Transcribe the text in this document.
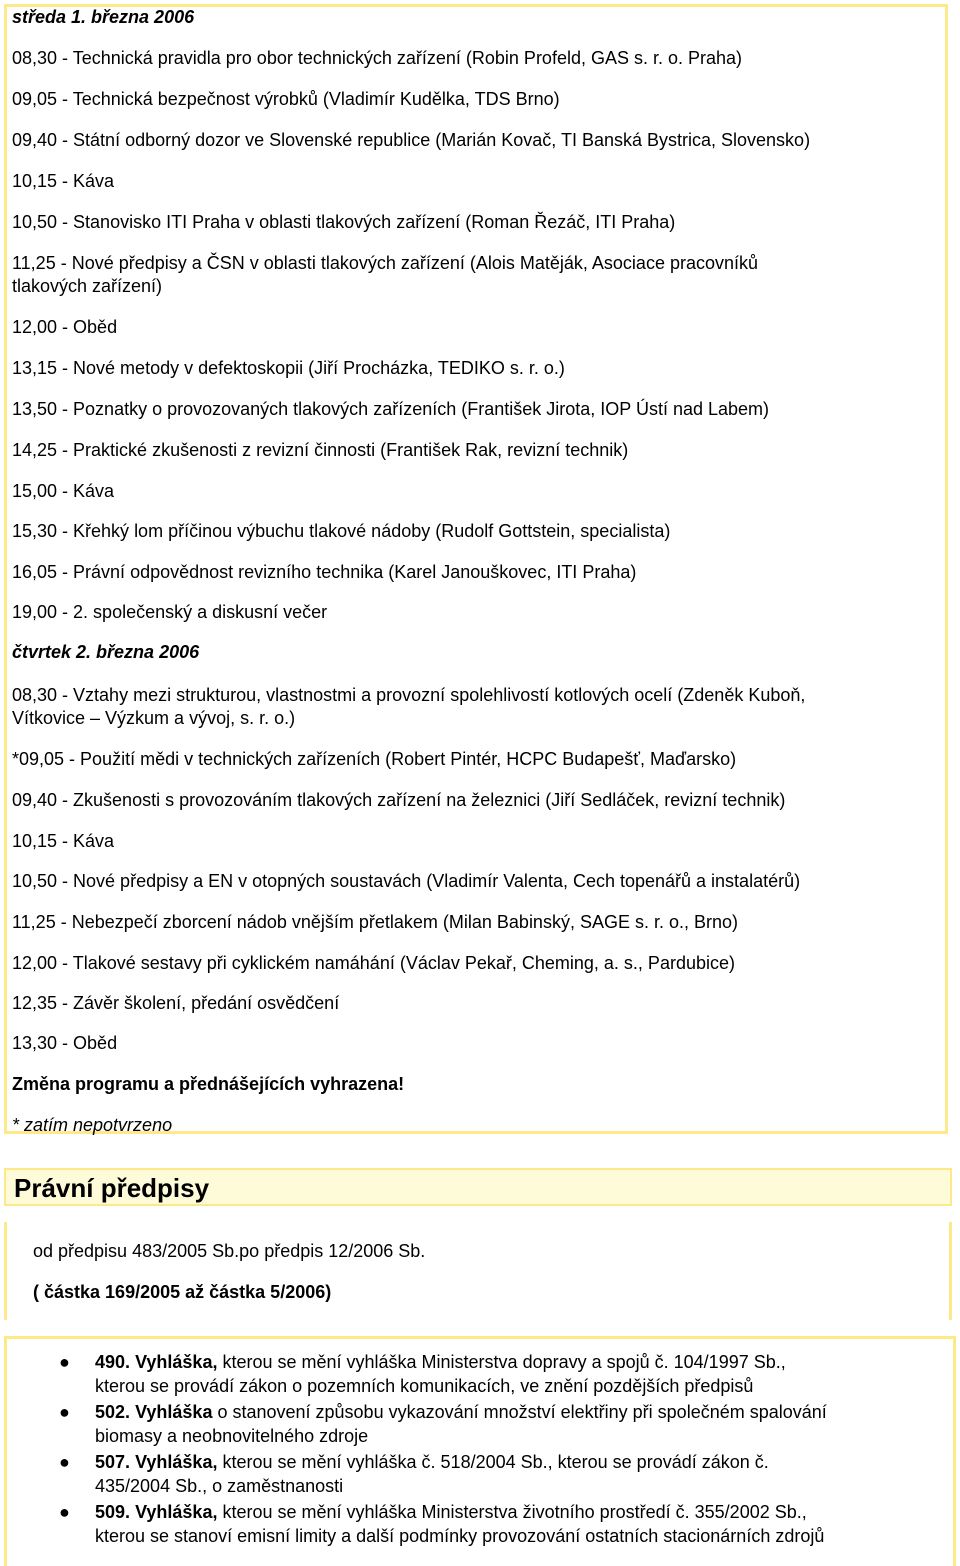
středa 1. března 2006
08,30 - Technická pravidla pro obor technických zařízení (Robin Profeld, GAS s. r. o. Praha)
09,05 - Technická bezpečnost výrobků (Vladimír Kudělka, TDS Brno)
09,40 - Státní odborný dozor ve Slovenské republice (Marián Kovač, TI Banská Bystrica, Slovensko)
10,15 - Káva
10,50 - Stanovisko ITI Praha v oblasti tlakových zařízení (Roman Řezáč, ITI Praha)
11,25 - Nové předpisy a ČSN v oblasti tlakových zařízení (Alois Matěják, Asociace pracovníků
tlakových zařízení)
12,00 - Oběd
13,15 - Nové metody v defektoskopii (Jiří Procházka, TEDIKO s. r. o.)
13,50 - Poznatky o provozovaných tlakových zařízeních (František Jirota, IOP Ústí nad Labem)
14,25 - Praktické zkušenosti z revizní činnosti (František Rak, revizní technik)
15,00 - Káva
15,30 - Křehký lom příčinou výbuchu tlakové nádoby (Rudolf Gottstein, specialista)
16,05 - Právní odpovědnost revizního technika (Karel Janouškovec, ITI Praha)
19,00 - 2. společenský a diskusní večer
čtvrtek 2. března 2006
08,30 - Vztahy mezi strukturou, vlastnostmi a provozní spolehlivostí kotlových ocelí (Zdeněk Kuboň,
Vítkovice – Výzkum a vývoj, s. r. o.)
*09,05 - Použití mědi v technických zařízeních (Robert Pintér, HCPC Budapešť, Maďarsko)
09,40 - Zkušenosti s provozováním tlakových zařízení na železnici (Jiří Sedláček, revizní technik)
10,15 - Káva
10,50 - Nové předpisy a EN v otopných soustavách (Vladimír Valenta, Cech topenářů a instalatérů)
11,25 - Nebezpečí zborcení nádob vnějším přetlakem (Milan Babinský, SAGE s. r. o., Brno)
12,00 - Tlakové sestavy při cyklickém namáhání (Václav Pekař, Cheming, a. s., Pardubice)
12,35 - Závěr školení, předání osvědčení
13,30 - Oběd
Změna programu a přednášejících vyhrazena!
* zatím nepotvrzeno
Právní předpisy
od předpisu 483/2005 Sb.po předpis 12/2006 Sb.
( částka 169/2005 až částka 5/2006)
● 490. Vyhláška, kterou se mění vyhláška Ministerstva dopravy a spojů č. 104/1997 Sb.,
kterou se provádí zákon o pozemních komunikacích, ve znění pozdějších předpisů
● 502. Vyhláška o stanovení způsobu vykazování množství elektřiny při společném spalování
biomasy a neobnovitelného zdroje
● 507. Vyhláška, kterou se mění vyhláška č. 518/2004 Sb., kterou se provádí zákon č.
435/2004 Sb., o zaměstnanosti
● 509. Vyhláška, kterou se mění vyhláška Ministerstva životního prostředí č. 355/2002 Sb.,
kterou se stanoví emisní limity a další podmínky provozování ostatních stacionárních zdrojů
